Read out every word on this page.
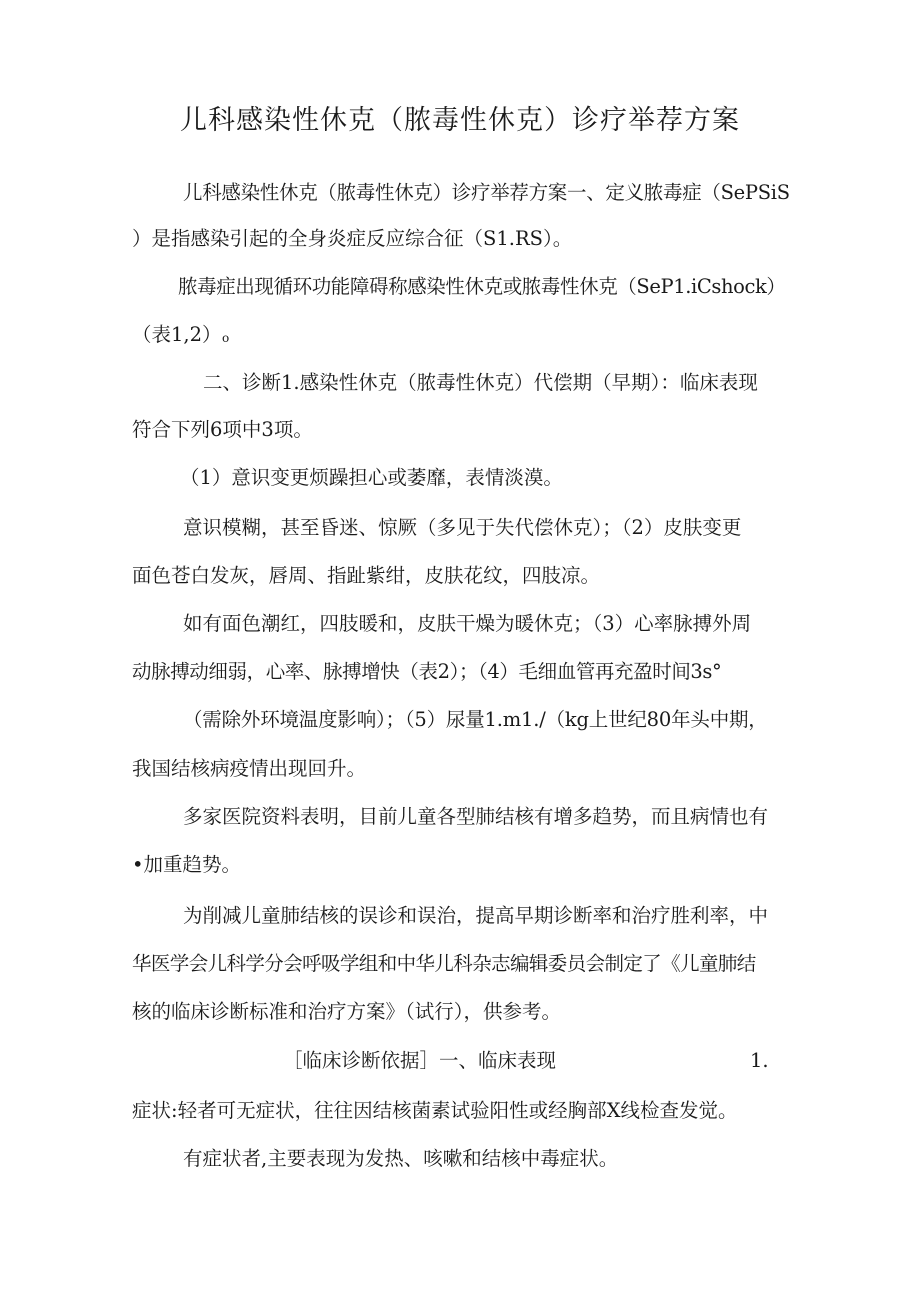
儿科感染性休克（脓毒性休克）诊疗举荐方案
儿科感染性休克（脓毒性休克）诊疗举荐方案一、定义脓毒症（SePSiS
）是指感染引起的全身炎症反应综合征（S1.RS）。
脓毒症出现循环功能障碍称感染性休克或脓毒性休克（SeP1.iCshock）
（表1,2） o
二、诊断1.感染性休克（脓毒性休克）代偿期（早期）：临床表现
符合下列6项中3项。
（1）意识变更烦躁担心或萎靡，表情淡漠。
意识模糊，甚至昏迷、惊厥（多见于失代偿休克）；（2）皮肤变更
面色苍白发灰，唇周、指趾紫绀，皮肤花纹，四肢凉。
如有面色潮红，四肢暖和，皮肤干燥为暖休克；（3）心率脉搏外周
动脉搏动细弱，心率、脉搏增快（表2）；（4）毛细血管再充盈时间3s°
（需除外环境温度影响）；（5）尿量1.m1./（kg上世纪80年头中期，
我国结核病疫情出现回升。
多家医院资料表明，目前儿童各型肺结核有增多趋势，而且病情也有
•加重趋势。
为削减儿童肺结核的误诊和误治，提高早期诊断率和治疗胜利率，中
华医学会儿科学分会呼吸学组和中华儿科杂志编辑委员会制定了《儿童肺结
核的临床诊断标准和治疗方案》（试行），供参考。
［临床诊断依据］一、临床表现	1.
症状:轻者可无症状，往往因结核菌素试验阳性或经胸部X线检查发觉。
有症状者,主要表现为发热、咳嗽和结核中毒症状。
